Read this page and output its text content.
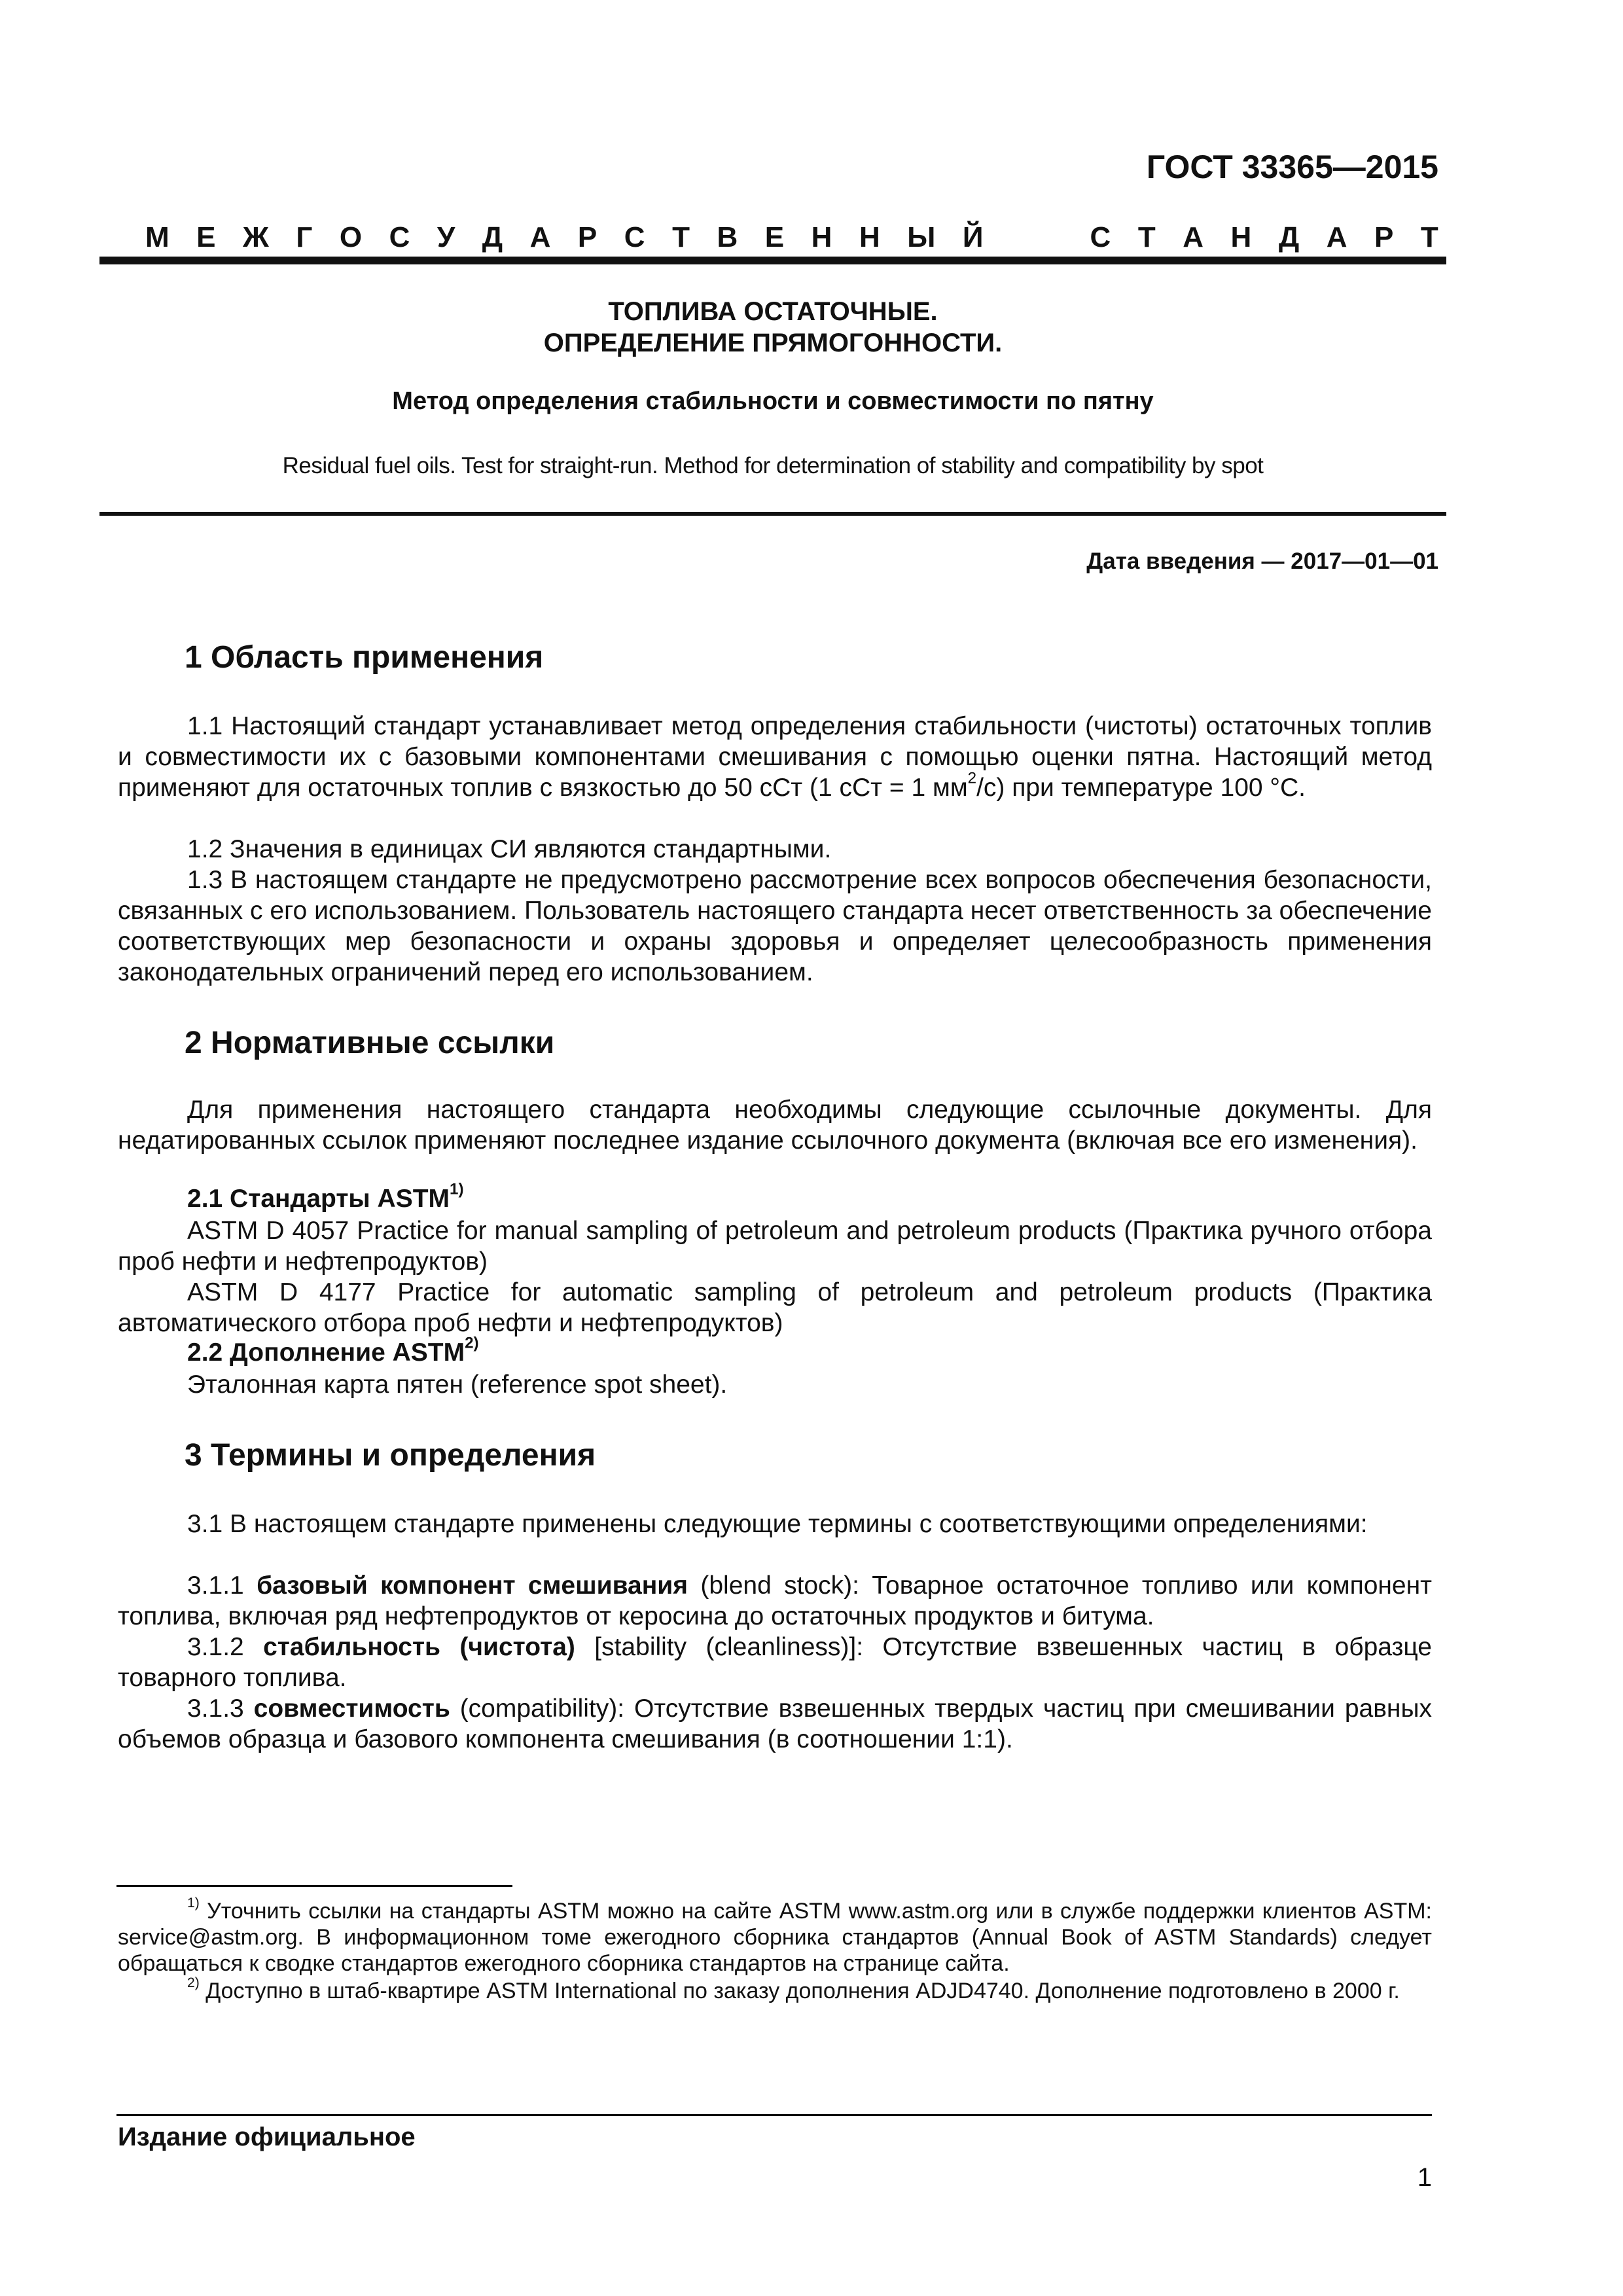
ГОСТ 33365—2015
М Е Ж Г О С У Д А Р С Т В Е Н Н Ы Й	С Т А Н Д А Р Т
ТОПЛИВА ОСТАТОЧНЫЕ.
ОПРЕДЕЛЕНИЕ ПРЯМОГОННОСТИ.
Метод определения стабильности и совместимости по пятну
Residual fuel oils. Test for straight-run. Method for determination of stability and compatibility by spot
Дата введения — 2017—01—01
1 Область применения
1.1 Настоящий стандарт устанавливает метод определения стабильности (чистоты) остаточных топлив и совместимости их с базовыми компонентами смешивания с помощью оценки пятна. Настоящий метод применяют для остаточных топлив с вязкостью до 50 сСт (1 сСт = 1 $мм^2/с$) при температуре 100 °С.
1.2 Значения в единицах СИ являются стандартными.
1.3 В настоящем стандарте не предусмотрено рассмотрение всех вопросов обеспечения безопасности, связанных с его использованием. Пользователь настоящего стандарта несет ответственность за обеспечение соответствующих мер безопасности и охраны здоровья и определяет целесообразность применения законодательных ограничений перед его использованием.
2 Нормативные ссылки
Для применения настоящего стандарта необходимы следующие ссылочные документы. Для недатированных ссылок применяют последнее издание ссылочного документа (включая все его изменения).
2.1 Стандарты ASTM$^{1)}$
ASTM D 4057 Practice for manual sampling of petroleum and petroleum products (Практика ручного отбора проб нефти и нефтепродуктов)
ASTM D 4177 Practice for automatic sampling of petroleum and petroleum products (Практика автоматического отбора проб нефти и нефтепродуктов)
2.2 Дополнение ASTM$^{2)}$
Эталонная карта пятен (reference spot sheet).
3 Термины и определения
3.1 В настоящем стандарте применены следующие термины с соответствующими определениями:
3.1.1 базовый компонент смешивания (blend stock): Товарное остаточное топливо или компонент топлива, включая ряд нефтепродуктов от керосина до остаточных продуктов и битума.
3.1.2 стабильность (чистота) [stability (cleanliness)]: Отсутствие взвешенных частиц в образце товарного топлива.
3.1.3 совместимость (compatibility): Отсутствие взвешенных твердых частиц при смешивании равных объемов образца и базового компонента смешивания (в соотношении 1:1).
$^{1)}$ Уточнить ссылки на стандарты ASTM можно на сайте ASTM www.astm.org или в службе поддержки клиентов ASTM: service@astm.org. В информационном томе ежегодного сборника стандартов (Annual Book of ASTM Standards) следует обращаться к сводке стандартов ежегодного сборника стандартов на странице сайта.
$^{2)}$ Доступно в штаб-квартире ASTM International по заказу дополнения ADJD4740. Дополнение подготовлено в 2000 г.
Издание официальное
1
